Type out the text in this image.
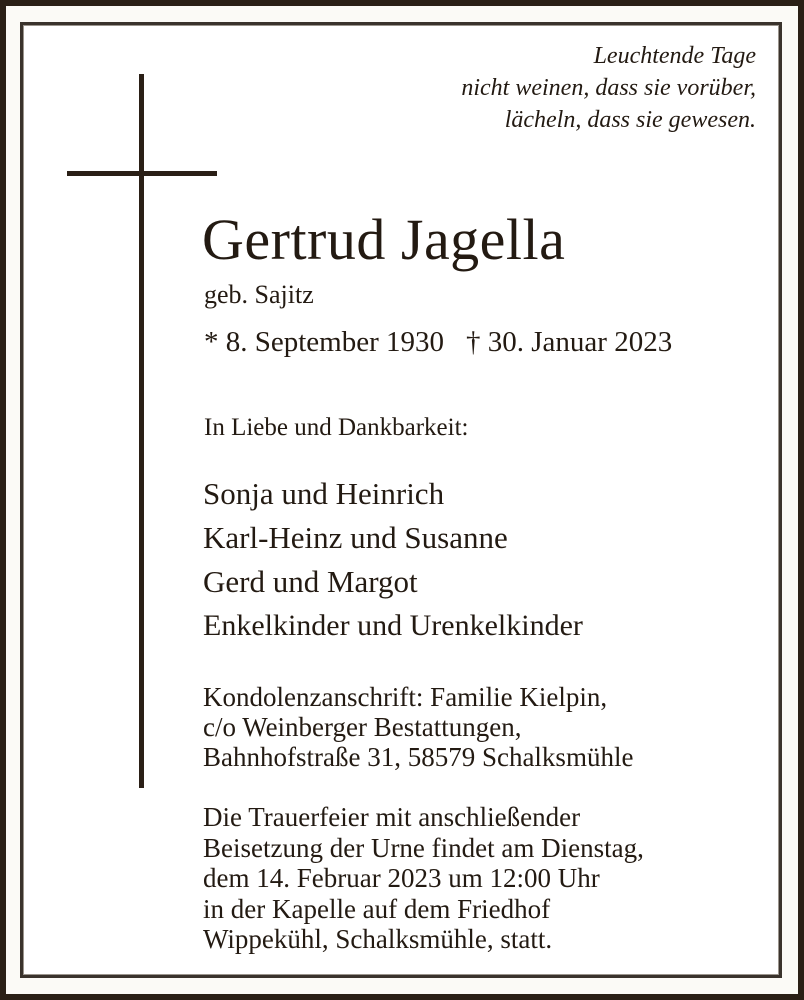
Leuchtende Tage
nicht weinen, dass sie vorüber,
lächeln, dass sie gewesen.
Gertrud Jagella
geb. Sajitz
* 8. September 1930 † 30. Januar 2023
In Liebe und Dankbarkeit:
Sonja und Heinrich
Karl-Heinz und Susanne
Gerd und Margot
Enkelkinder und Urenkelkinder
Kondolenzanschrift: Familie Kielpin,
c/o Weinberger Bestattungen,
Bahnhofstraße 31, 58579 Schalksmühle
Die Trauerfeier mit anschließender
Beisetzung der Urne findet am Dienstag,
dem 14. Februar 2023 um 12:00 Uhr
in der Kapelle auf dem Friedhof
Wippekühl, Schalksmühle, statt.
